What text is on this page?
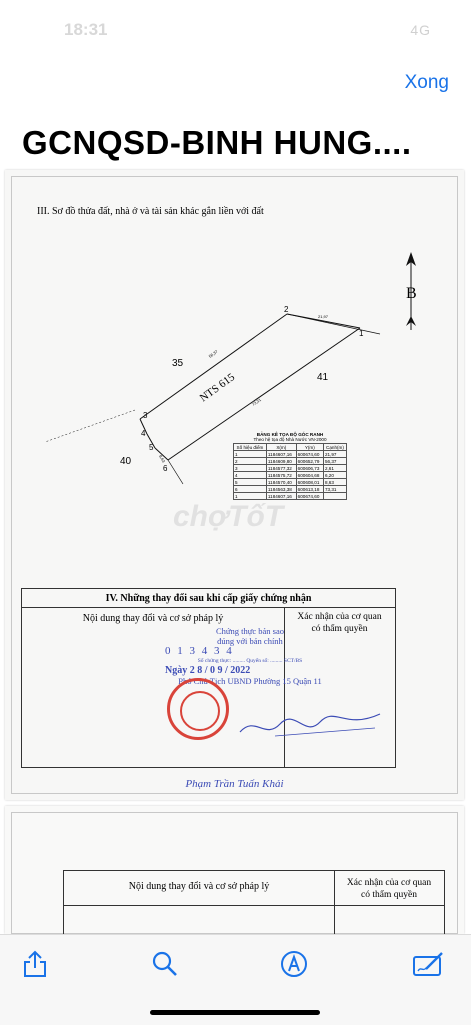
18:31	4G
Xong
GCNQSD-BINH HUNG....
III. Sơ đồ thửa đất, nhà ở và tài sản khác gắn liền với đất
B
NTS 615
35
41
40
1
2
3
4
5
6
21,97
56,37
73,31
8,63
BẢNG KÊ TỌA ĐỘ GÓC RANH
Theo hệ tọa độ Nhà Nước VN-2000
Số hiệu điểm	X(m)	Y(m)	Cạnh(m)
1	1184607,16	600674,60	21,97
2	1184609,80	600652,79	56,37
3	1184577,32	600606,73	2,61
4	1184575,72	600604,68	6,20
5	1184570,40	600608,01	8,63
6	1184563,38	600613,18	73,31
1	1184607,16	600674,60	
chợTốT
IV. Những thay đổi sau khi cấp giấy chứng nhận
Nội dung thay đổi và cơ sở pháp lý	Xác nhận của cơ quan
có thẩm quyền
Chứng thực bản sao
đúng với bản chính
0 1 3 4 3 4
Số chứng thực: ......... Quyển số: ......... SCT/BS
Ngày 2 8 / 0 9 / 2022
Phó Chủ Tịch UBND Phường 15 Quận 11
Phạm Trần Tuấn Khải
Nội dung thay đổi và cơ sở pháp lý	Xác nhận của cơ quan
có thẩm quyền
